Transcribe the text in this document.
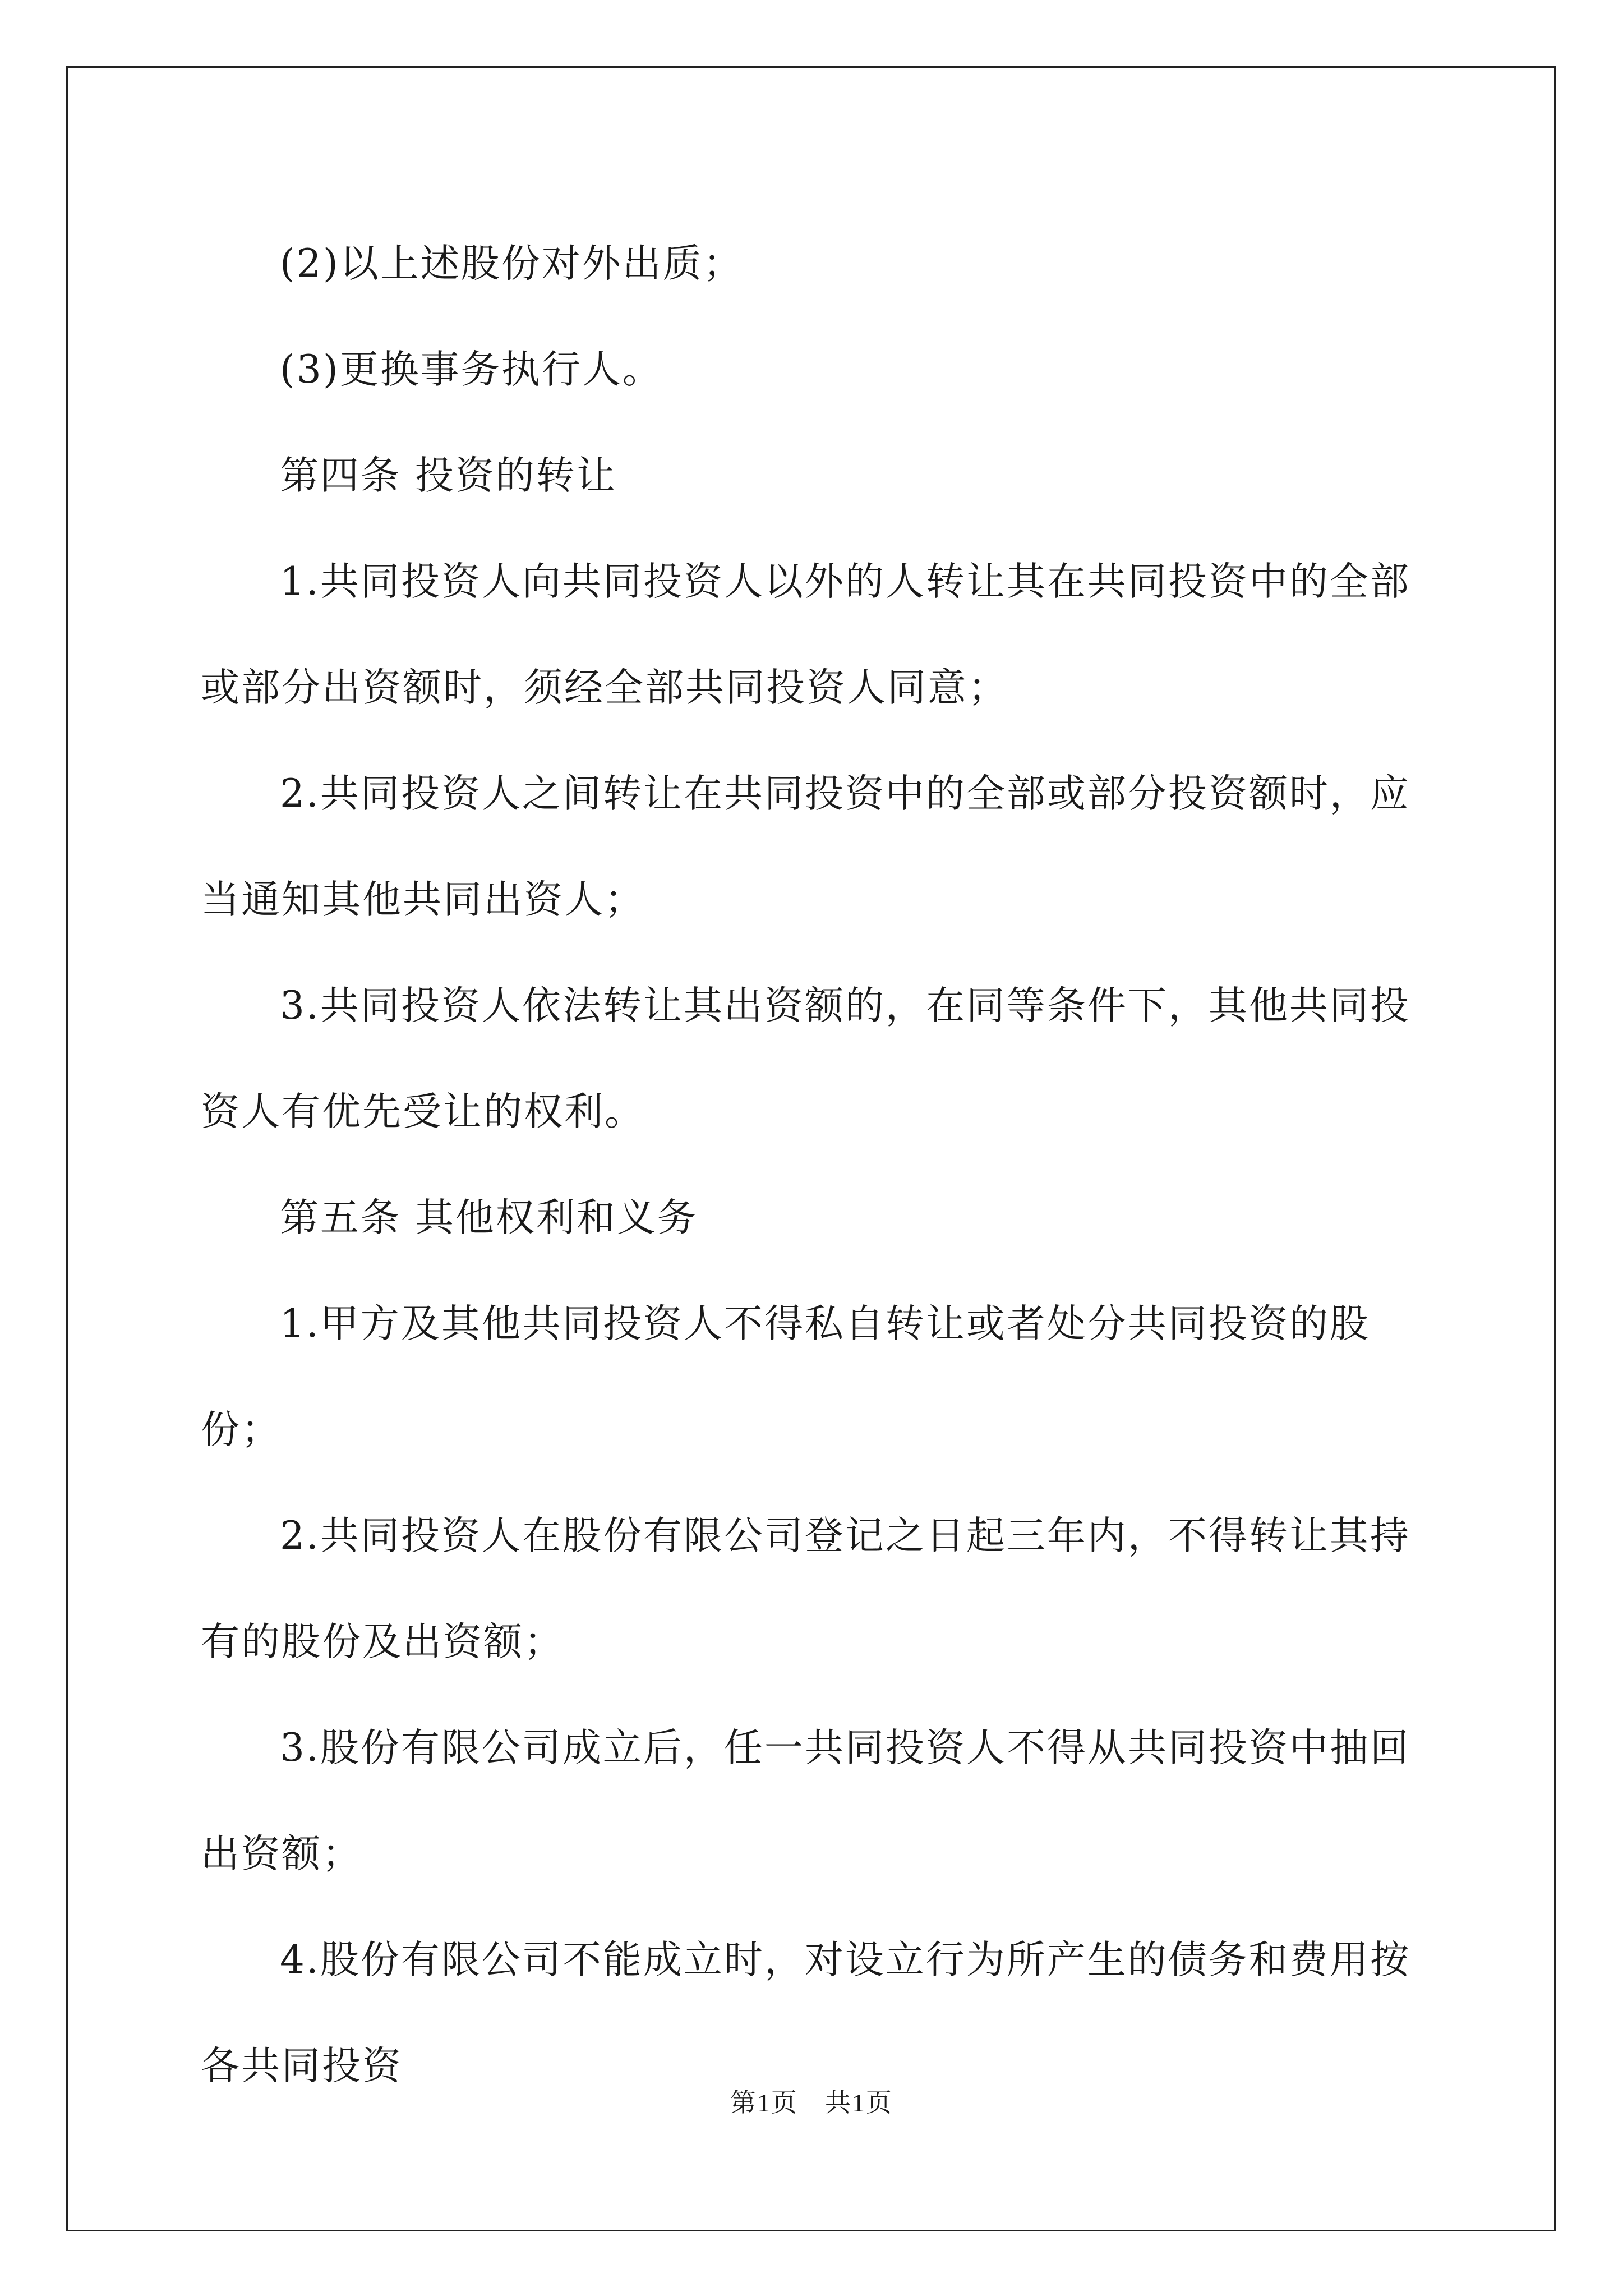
(2)以上述股份对外出质；

(3)更换事务执行人。

第四条 投资的转让

1.共同投资人向共同投资人以外的人转让其在共同投资中的全部或部分出资额时，须经全部共同投资人同意；

2.共同投资人之间转让在共同投资中的全部或部分投资额时，应当通知其他共同出资人；

3.共同投资人依法转让其出资额的，在同等条件下，其他共同投资人有优先受让的权利。

第五条 其他权利和义务

1.甲方及其他共同投资人不得私自转让或者处分共同投资的股份；

2.共同投资人在股份有限公司登记之日起三年内，不得转让其持有的股份及出资额；

3.股份有限公司成立后，任一共同投资人不得从共同投资中抽回出资额；

4.股份有限公司不能成立时，对设立行为所产生的债务和费用按各共同投资

第1页　共1页
